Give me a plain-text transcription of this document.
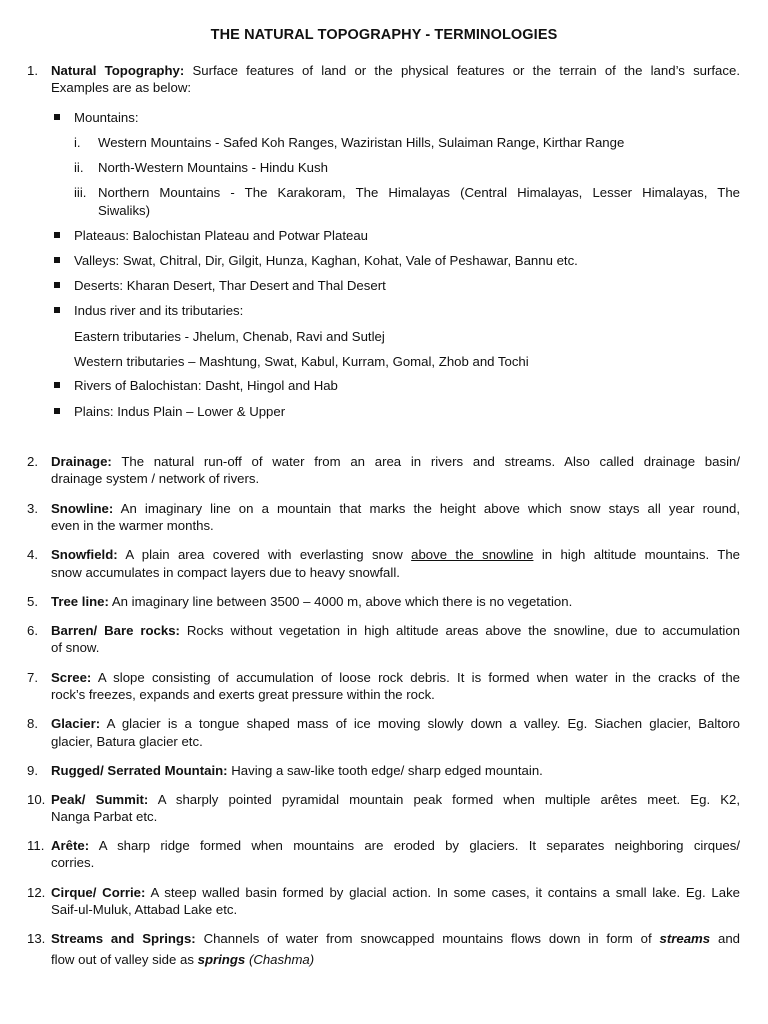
THE NATURAL TOPOGRAPHY - TERMINOLOGIES
1. Natural Topography: Surface features of land or the physical features or the terrain of the land’s surface.
Examples are as below:
Mountains:
i. Western Mountains - Safed Koh Ranges, Waziristan Hills, Sulaiman Range, Kirthar Range
ii. North-Western Mountains - Hindu Kush
iii. Northern Mountains - The Karakoram, The Himalayas (Central Himalayas, Lesser Himalayas, The
Siwaliks)
Plateaus: Balochistan Plateau and Potwar Plateau
Valleys: Swat, Chitral, Dir, Gilgit, Hunza, Kaghan, Kohat, Vale of Peshawar, Bannu etc.
Deserts: Kharan Desert, Thar Desert and Thal Desert
Indus river and its tributaries:
Eastern tributaries - Jhelum, Chenab, Ravi and Sutlej
Western tributaries – Mashtung, Swat, Kabul, Kurram, Gomal, Zhob and Tochi
Rivers of Balochistan: Dasht, Hingol and Hab
Plains: Indus Plain – Lower & Upper
2. Drainage: The natural run-off of water from an area in rivers and streams. Also called drainage basin/
drainage system / network of rivers.
3. Snowline: An imaginary line on a mountain that marks the height above which snow stays all year round,
even in the warmer months.
4. Snowfield: A plain area covered with everlasting snow above the snowline in high altitude mountains. The
snow accumulates in compact layers due to heavy snowfall.
5. Tree line: An imaginary line between 3500 – 4000 m, above which there is no vegetation.
6. Barren/ Bare rocks: Rocks without vegetation in high altitude areas above the snowline, due to accumulation
of snow.
7. Scree: A slope consisting of accumulation of loose rock debris. It is formed when water in the cracks of the
rock’s freezes, expands and exerts great pressure within the rock.
8. Glacier: A glacier is a tongue shaped mass of ice moving slowly down a valley. Eg. Siachen glacier, Baltoro
glacier, Batura glacier etc.
9. Rugged/ Serrated Mountain: Having a saw-like tooth edge/ sharp edged mountain.
10. Peak/ Summit: A sharply pointed pyramidal mountain peak formed when multiple arêtes meet. Eg. K2,
Nanga Parbat etc.
11. Arête: A sharp ridge formed when mountains are eroded by glaciers. It separates neighboring cirques/
corries.
12. Cirque/ Corrie: A steep walled basin formed by glacial action. In some cases, it contains a small lake. Eg. Lake
Saif-ul-Muluk, Attabad Lake etc.
13. Streams and Springs: Channels of water from snowcapped mountains flows down in form of streams and
flow out of valley side as springs (Chashma)
